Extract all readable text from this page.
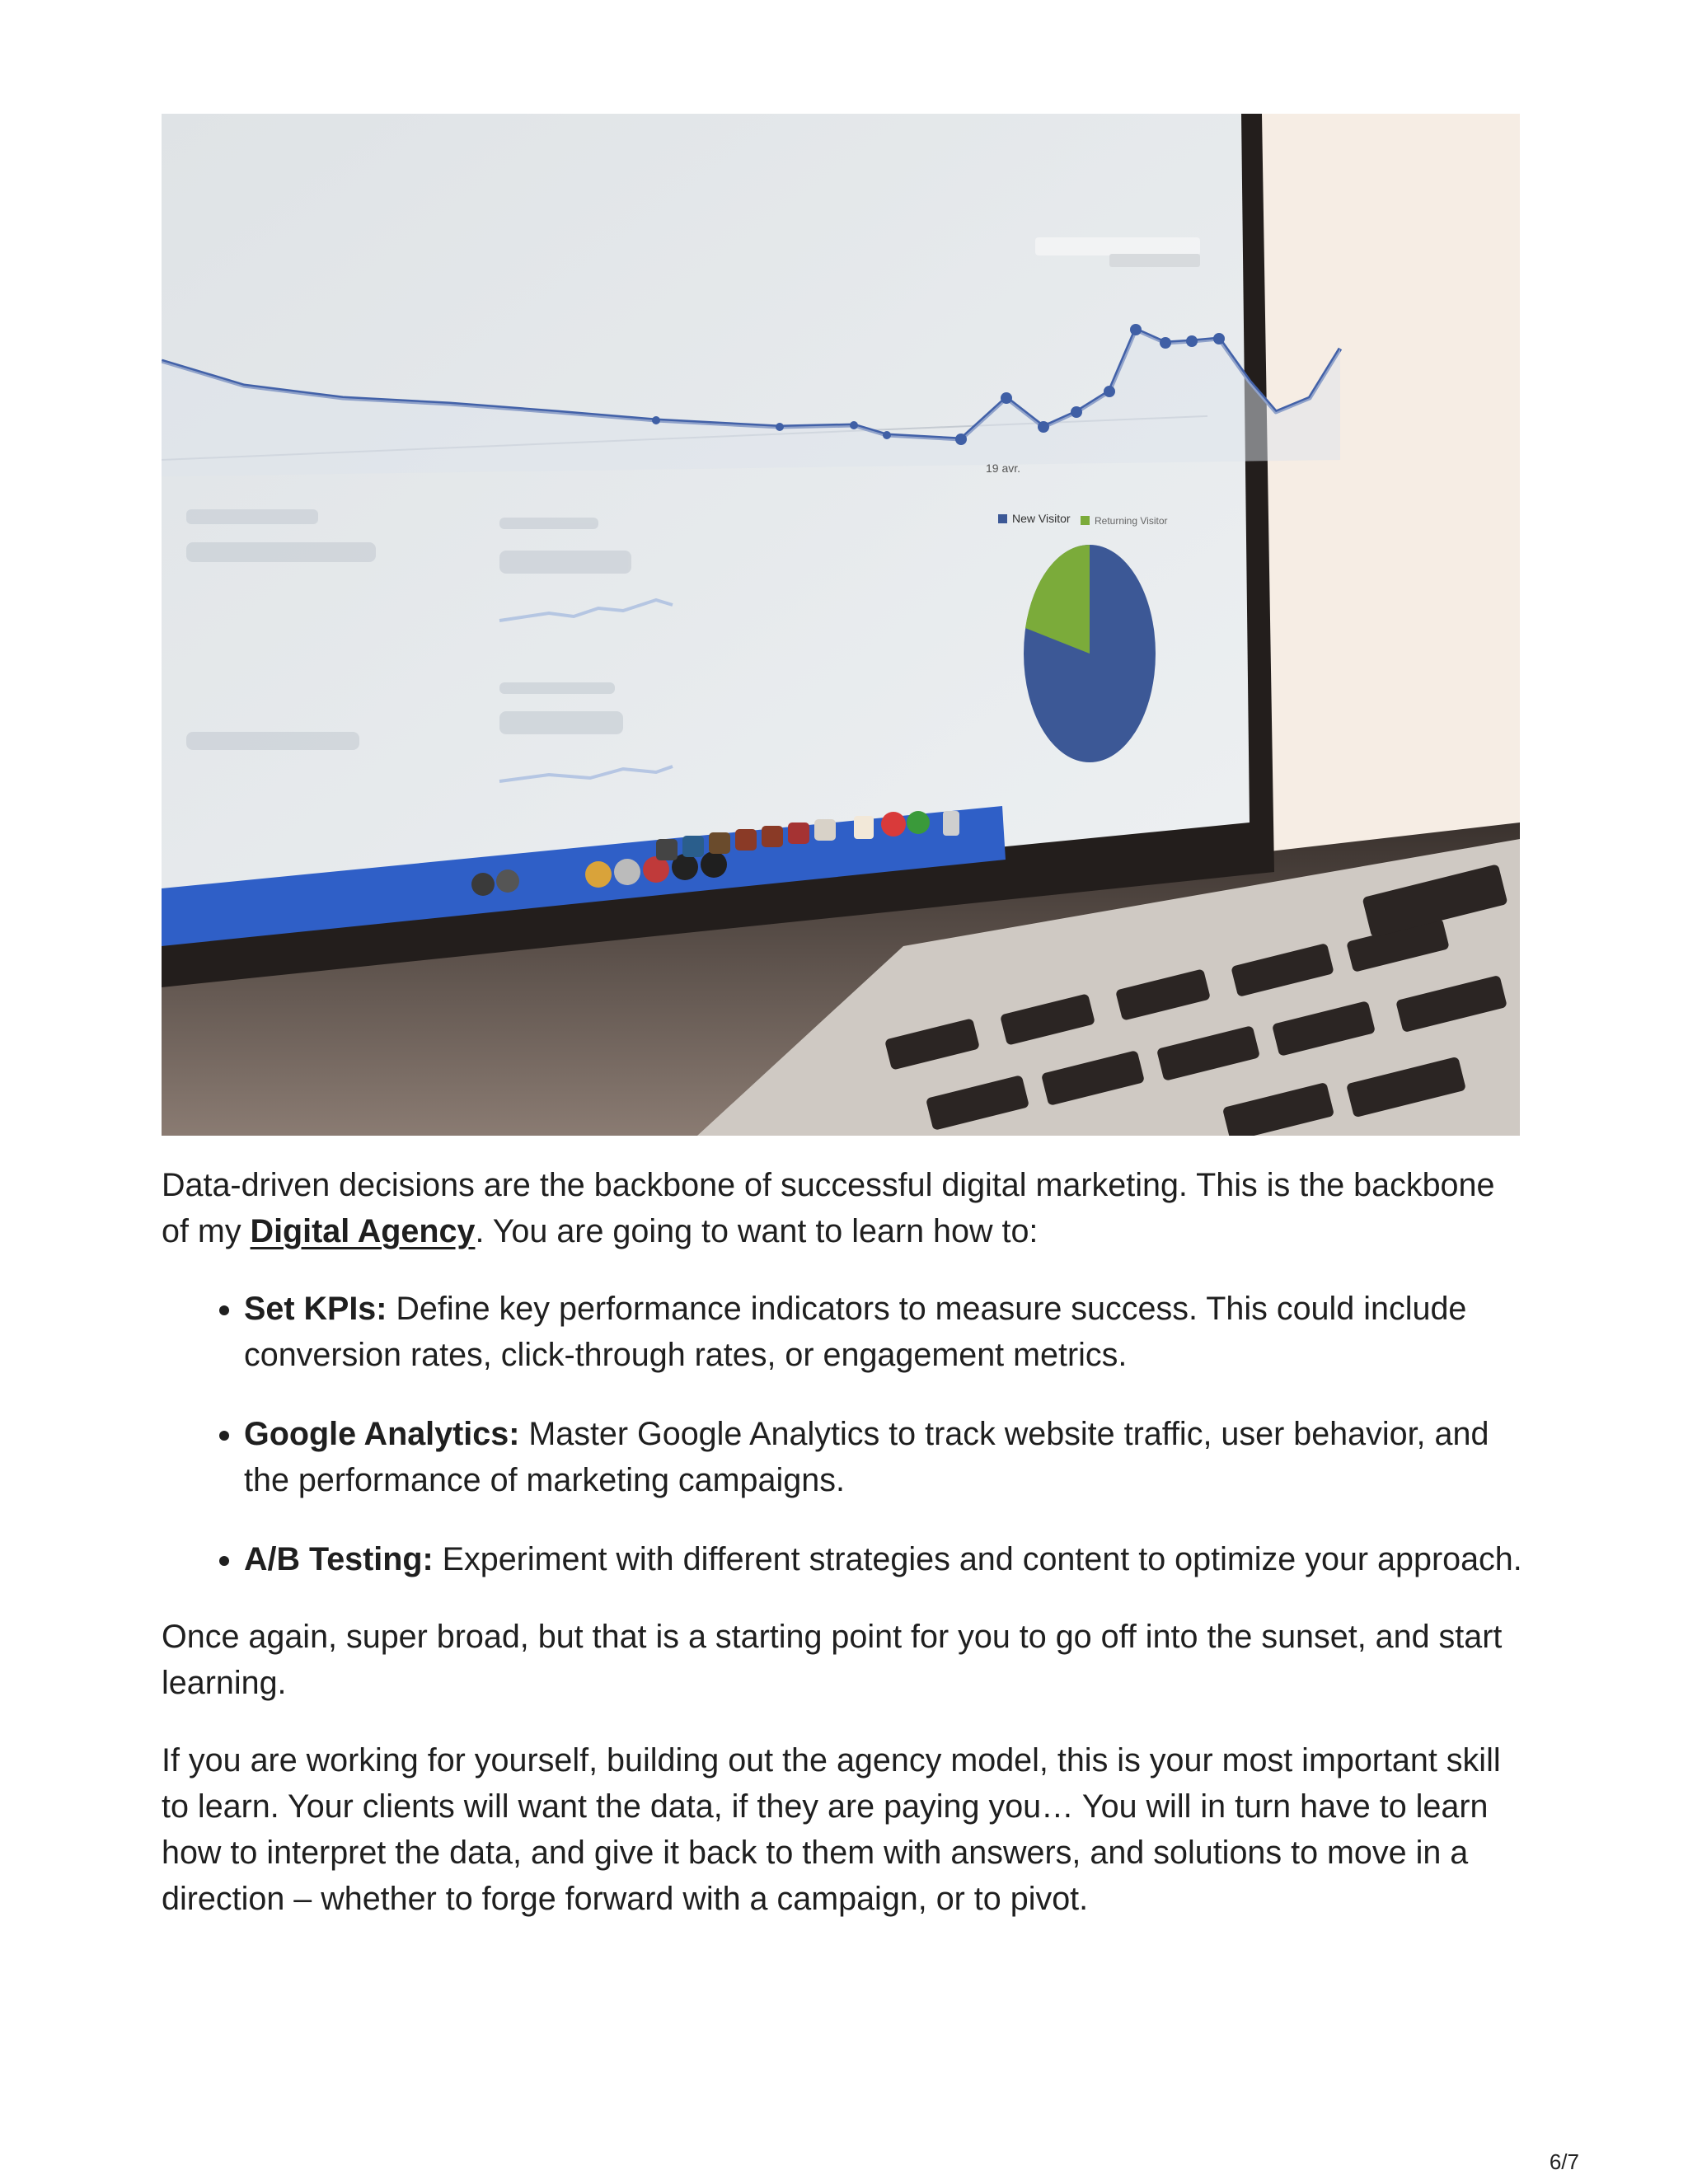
19 avr.
New Visitor Returning Visitor

Data-driven decisions are the backbone of successful digital marketing. This is the backbone of my Digital Agency. You are going to want to learn how to:

• Set KPIs: Define key performance indicators to measure success. This could include conversion rates, click-through rates, or engagement metrics.
• Google Analytics: Master Google Analytics to track website traffic, user behavior, and the performance of marketing campaigns.
• A/B Testing: Experiment with different strategies and content to optimize your approach.

Once again, super broad, but that is a starting point for you to go off into the sunset, and start learning.

If you are working for yourself, building out the agency model, this is your most important skill to learn. Your clients will want the data, if they are paying you… You will in turn have to learn how to interpret the data, and give it back to them with answers, and solutions to move in a direction – whether to forge forward with a campaign, or to pivot.

6/7
